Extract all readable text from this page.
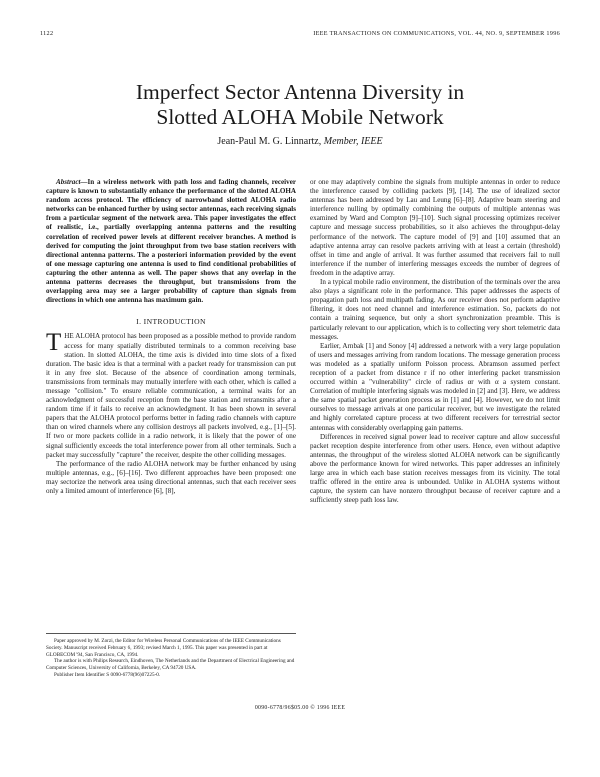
1122	IEEE TRANSACTIONS ON COMMUNICATIONS, VOL. 44, NO. 9, SEPTEMBER 1996
Imperfect Sector Antenna Diversity in
Slotted ALOHA Mobile Network
Jean-Paul M. G. Linnartz, Member, IEEE

Abstract—In a wireless network with path loss and fading channels, receiver capture is known to substantially enhance the performance of the slotted ALOHA random access protocol. The efficiency of narrowband slotted ALOHA radio networks can be enhanced further by using sector antennas, each receiving signals from a particular segment of the network area. This paper investigates the effect of realistic, i.e., partially overlapping antenna patterns and the resulting correlation of received power levels at different receiver branches. A method is derived for computing the joint throughput from two base station receivers with directional antenna patterns. The a posteriori information provided by the event of one message capturing one antenna is used to find conditional probabilities of capturing the other antenna as well. The paper shows that any overlap in the antenna patterns decreases the throughput, but transmissions from the overlapping area may see a larger probability of capture than signals from directions in which one antenna has maximum gain.

I. INTRODUCTION

THE ALOHA protocol has been proposed as a possible method to provide random access for many spatially distributed terminals to a common receiving base station. In slotted ALOHA, the time axis is divided into time slots of a fixed duration. The basic idea is that a terminal with a packet ready for transmission can put it in any free slot. Because of the absence of coordination among terminals, transmissions from terminals may mutually interfere with each other, which is called a message "collision." To ensure reliable communication, a terminal waits for an acknowledgment of successful reception from the base station and retransmits after a random time if it fails to receive an acknowledgment. It has been shown in several papers that the ALOHA protocol performs better in fading radio channels with capture than on wired channels where any collision destroys all packets involved, e.g., [1]–[5]. If two or more packets collide in a radio network, it is likely that the power of one signal sufficiently exceeds the total interference power from all other terminals. Such a packet may successfully "capture" the receiver, despite the other colliding messages.

The performance of the radio ALOHA network may be further enhanced by using multiple antennas, e.g., [6]–[16]. Two different approaches have been proposed: one may sectorize the network area using directional antennas, such that each receiver sees only a limited amount of interference [6], [8],

Paper approved by M. Zorzi, the Editor for Wireless Personal Communications of the IEEE Communications Society. Manuscript received February 6, 1993; revised March 1, 1995. This paper was presented in part at GLOBECOM '94, San Francisco, CA, 1994.
The author is with Philips Research, Eindhoven, The Netherlands and the Department of Electrical Engineering and Computer Sciences, University of California, Berkeley, CA 94720 USA.
Publisher Item Identifier S 0090-6778(96)07225-0.

or one may adaptively combine the signals from multiple antennas in order to reduce the interference caused by colliding packets [9], [14]. The use of idealized sector antennas has been addressed by Lau and Leung [6]–[8]. Adaptive beam steering and interference nulling by optimally combining the outputs of multiple antennas was examined by Ward and Compton [9]–[10]. Such signal processing optimizes receiver capture and message success probabilities, so it also achieves the throughput-delay performance of the network. The capture model of [9] and [10] assumed that an adaptive antenna array can resolve packets arriving with at least a certain (threshold) offset in time and angle of arrival. It was further assumed that receivers fail to null interference if the number of interfering messages exceeds the number of degrees of freedom in the adaptive array.

In a typical mobile radio environment, the distribution of the terminals over the area also plays a significant role in the performance. This paper addresses the aspects of propagation path loss and multipath fading. As our receiver does not perform adaptive filtering, it does not need channel and interference estimation. So, packets do not contain a training sequence, but only a short synchronization preamble. This is particularly relevant to our application, which is to collecting very short telemetric data messages.

Earlier, Arnbak [1] and Sonoy [4] addressed a network with a very large population of users and messages arriving from random locations. The message generation process was modeled as a spatially uniform Poisson process. Abramson assumed perfect reception of a packet from distance r if no other interfering packet transmission occurred within a "vulnerability" circle of radius αr with α a system constant. Correlation of multiple interfering signals was modeled in [2] and [3]. Here, we address the same spatial packet generation process as in [1] and [4]. However, we do not limit ourselves to message arrivals at one particular receiver, but we investigate the related and highly correlated capture process at two different receivers for terrestrial sector antennas with considerably overlapping gain patterns.

Differences in received signal power lead to receiver capture and allow successful packet reception despite interference from other users. Hence, even without adaptive antennas, the throughput of the wireless slotted ALOHA network can be significantly above the performance known for wired networks. This paper addresses an infinitely large area in which each base station receives messages from its vicinity. The total traffic offered in the entire area is unbounded. Unlike in ALOHA systems without capture, the system can have nonzero throughput because of receiver capture and a sufficiently steep path loss law.

0090-6778/96$05.00 © 1996 IEEE
